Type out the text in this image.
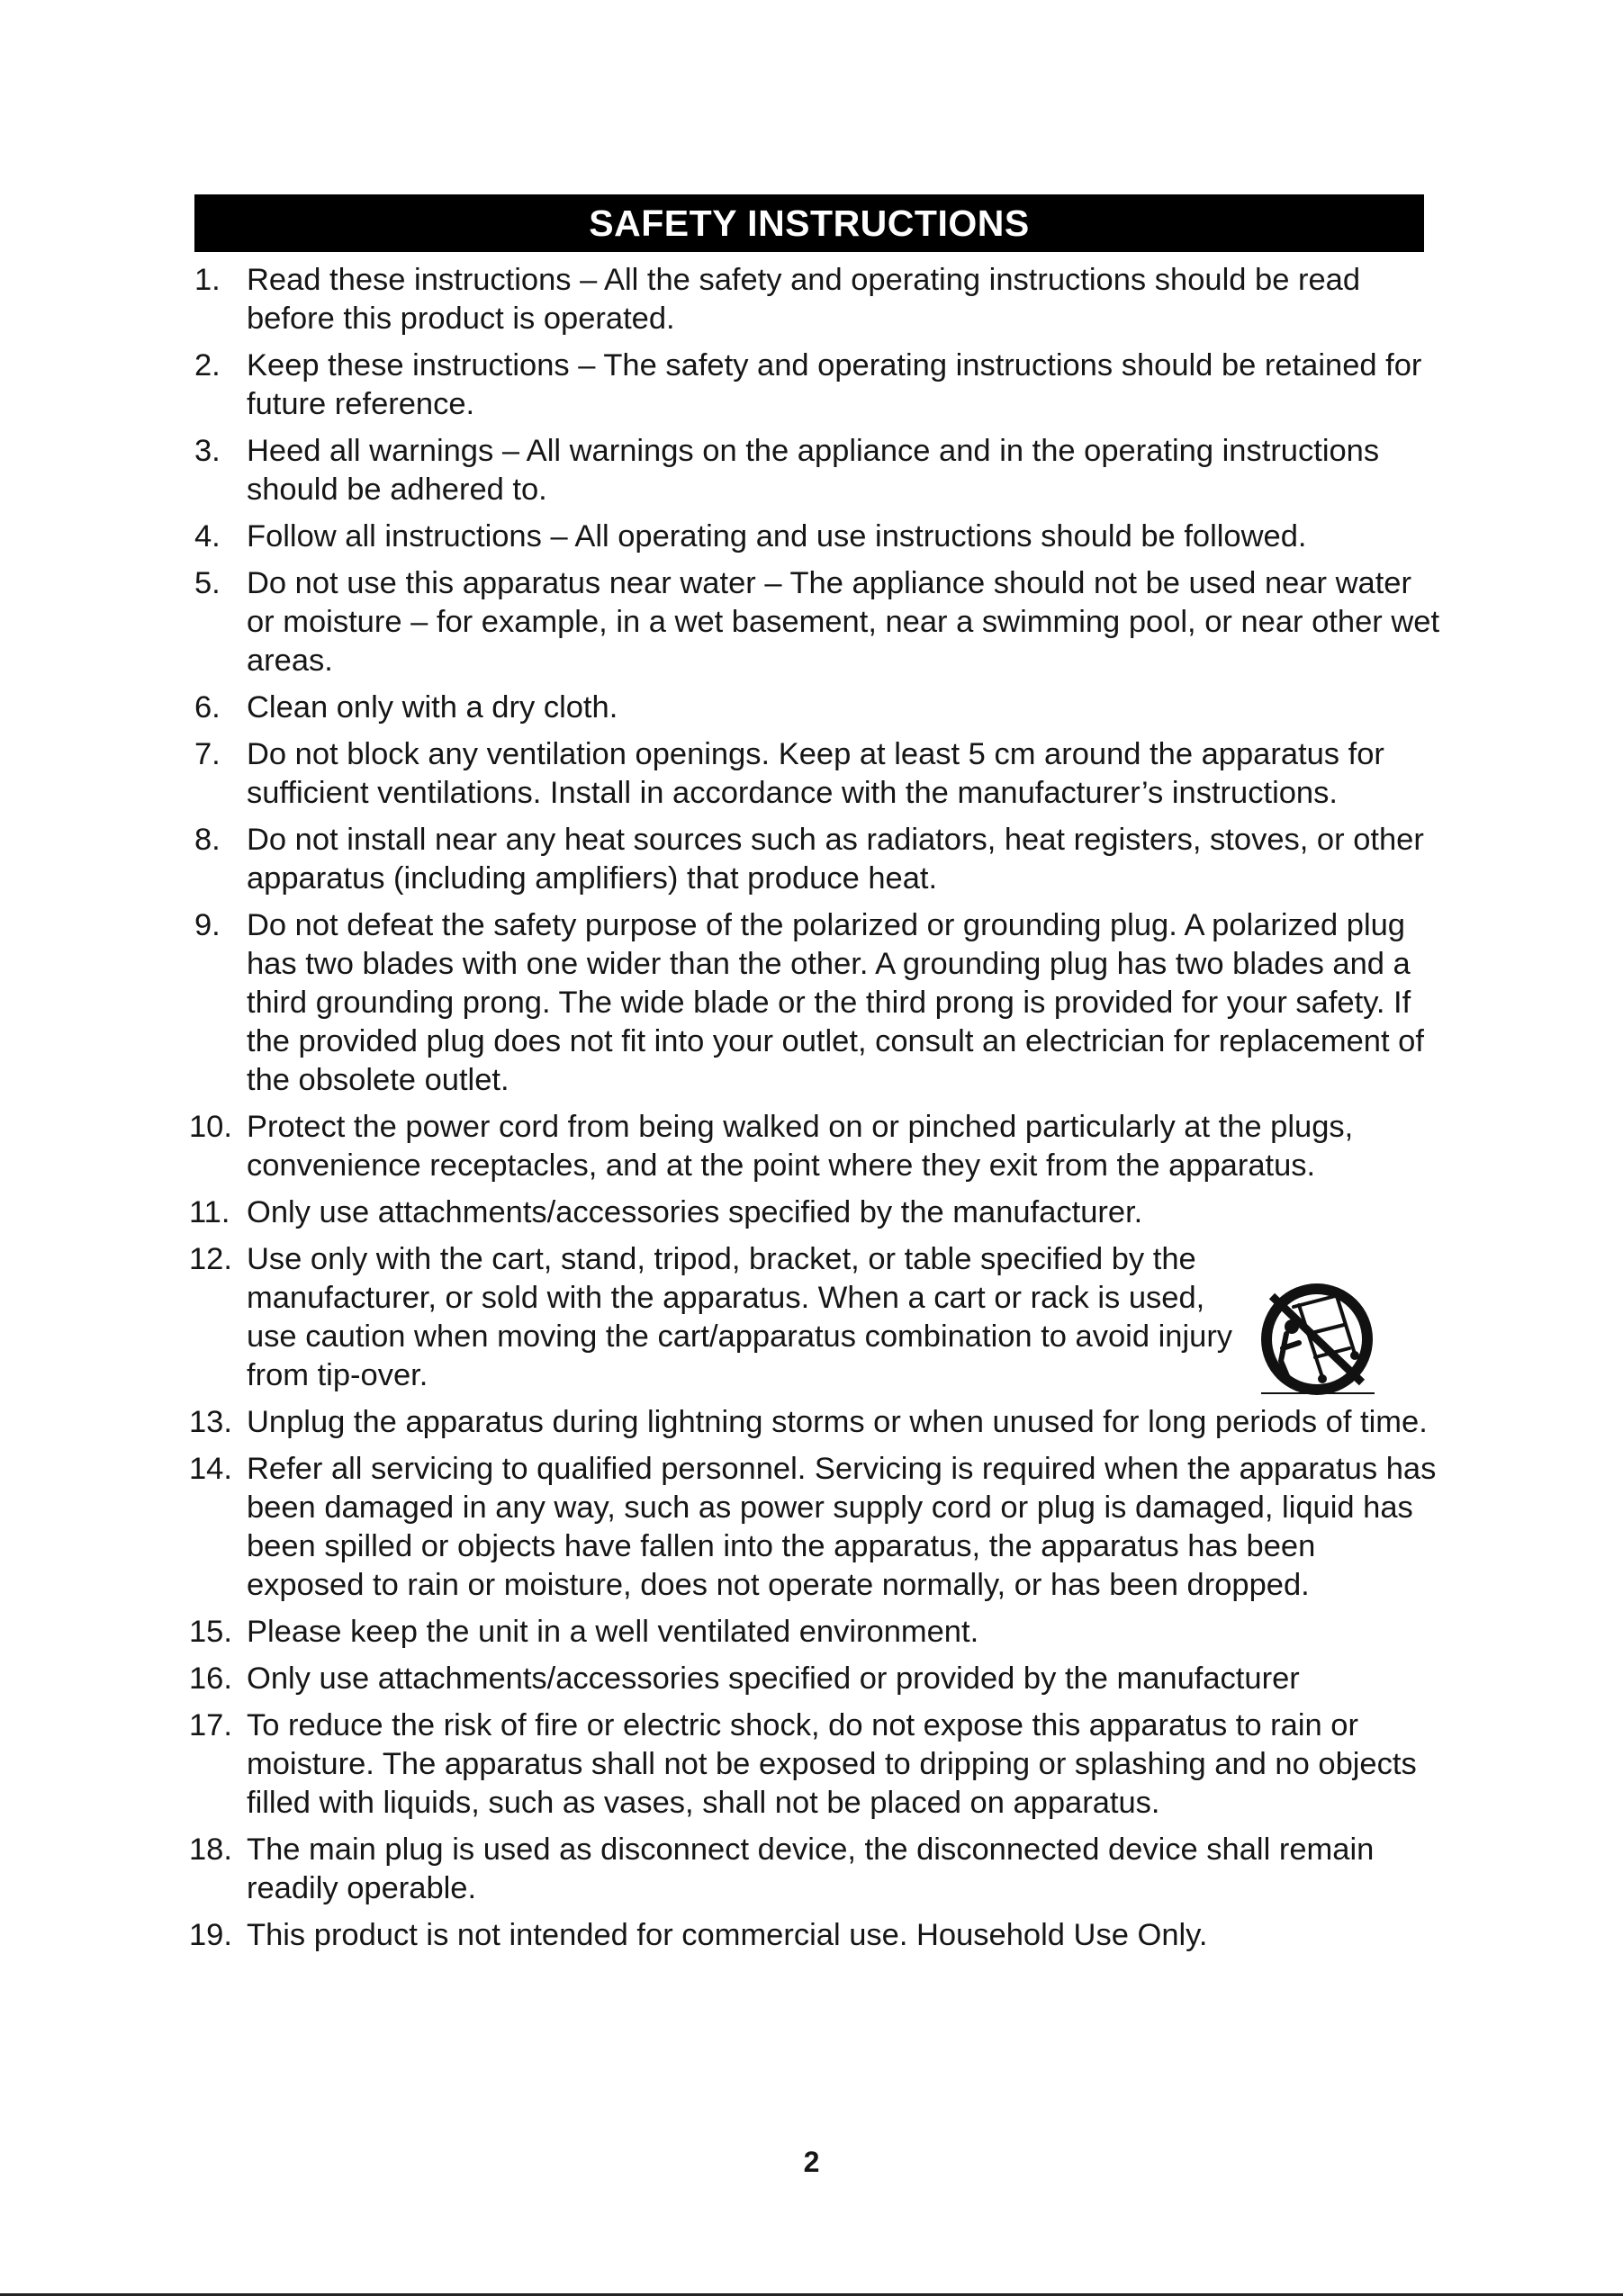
SAFETY INSTRUCTIONS
1. Read these instructions – All the safety and operating instructions should be read before this product is operated.
2. Keep these instructions – The safety and operating instructions should be retained for future reference.
3. Heed all warnings – All warnings on the appliance and in the operating instructions should be adhered to.
4. Follow all instructions – All operating and use instructions should be followed.
5. Do not use this apparatus near water – The appliance should not be used near water or moisture – for example, in a wet basement, near a swimming pool, or near other wet areas.
6. Clean only with a dry cloth.
7. Do not block any ventilation openings. Keep at least 5 cm around the apparatus for sufficient ventilations. Install in accordance with the manufacturer’s instructions.
8. Do not install near any heat sources such as radiators, heat registers, stoves, or other apparatus (including amplifiers) that produce heat.
9. Do not defeat the safety purpose of the polarized or grounding plug. A polarized plug has two blades with one wider than the other. A grounding plug has two blades and a third grounding prong. The wide blade or the third prong is provided for your safety. If the provided plug does not fit into your outlet, consult an electrician for replacement of the obsolete outlet.
10. Protect the power cord from being walked on or pinched particularly at the plugs, convenience receptacles, and at the point where they exit from the apparatus.
11. Only use attachments/accessories specified by the manufacturer.
12. Use only with the cart, stand, tripod, bracket, or table specified by the manufacturer, or sold with the apparatus. When a cart or rack is used, use caution when moving the cart/apparatus combination to avoid injury from tip-over.
13. Unplug the apparatus during lightning storms or when unused for long periods of time.
14. Refer all servicing to qualified personnel. Servicing is required when the apparatus has been damaged in any way, such as power supply cord or plug is damaged, liquid has been spilled or objects have fallen into the apparatus, the apparatus has been exposed to rain or moisture, does not operate normally, or has been dropped.
15. Please keep the unit in a well ventilated environment.
16. Only use attachments/accessories specified or provided by the manufacturer
17. To reduce the risk of fire or electric shock, do not expose this apparatus to rain or moisture. The apparatus shall not be exposed to dripping or splashing and no objects filled with liquids, such as vases, shall not be placed on apparatus.
18. The main plug is used as disconnect device, the disconnected device shall remain readily operable.
19. This product is not intended for commercial use. Household Use Only.
2
